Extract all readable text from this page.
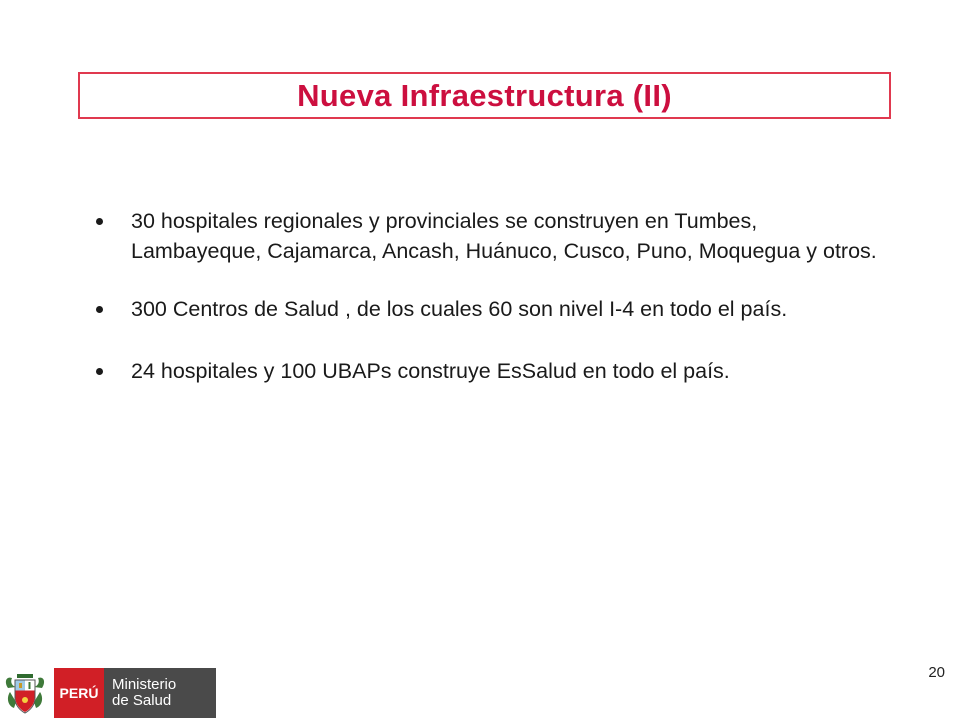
Nueva Infraestructura (II)
30 hospitales regionales y provinciales se construyen en Tumbes, Lambayeque, Cajamarca, Ancash, Huánuco, Cusco, Puno, Moquegua y otros.
300 Centros de Salud , de los cuales 60 son nivel I-4 en todo el país.
24 hospitales y 100 UBAPs construye EsSalud en todo el país.
20
PERÚ Ministerio
de Salud
